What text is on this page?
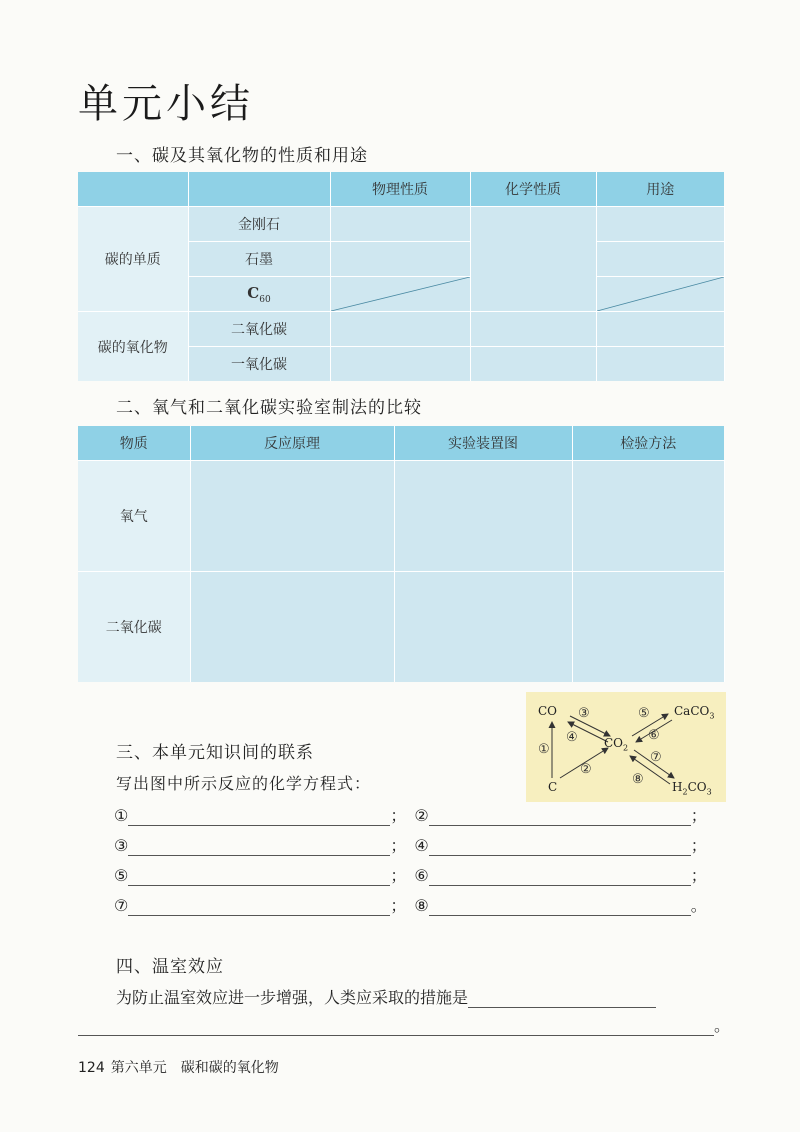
单元小结
一、碳及其氧化物的性质和用途
		物理性质	化学性质	用途
碳的单质	金刚石			
	石墨			
	$C_{60}$	

碳的氧化物	二氧化碳			
	一氧化碳			
二、氧气和二氧化碳实验室制法的比较
物质	反应原理	实验装置图	检验方法
氧气			
二氧化碳			
三、本单元知识间的联系
写出图中所示反应的化学方程式：
CO
$CO_2$
C
CaCO$_3$
$H_2CO_3$
①
②
③
④
⑤
⑥
⑦
⑧
①	； ②	；
③	； ④	；
⑤	； ⑥	；
⑦	； ⑧	。
四、温室效应
为防止温室效应进一步增强，人类应采取的措施是
。
124 第六单元 碳和碳的氧化物
